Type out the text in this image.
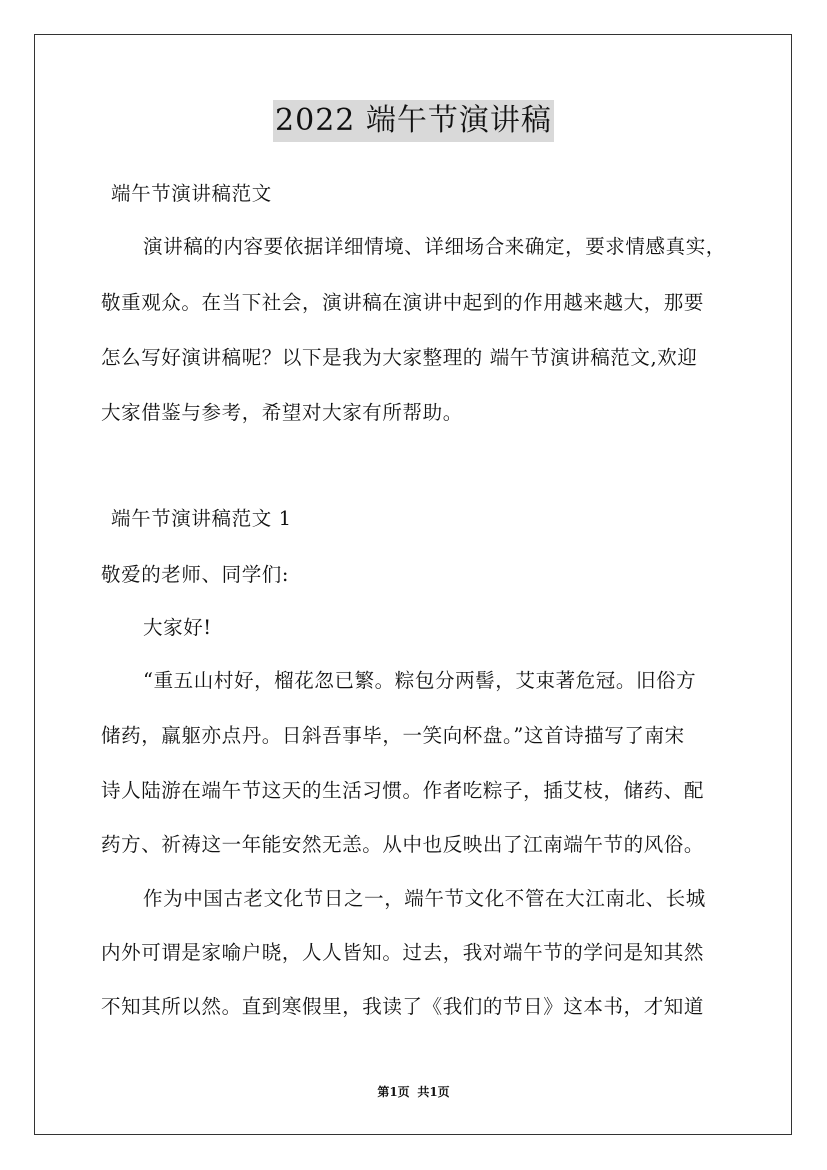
2022 端午节演讲稿
端午节演讲稿范文
演讲稿的内容要依据详细情境、详细场合来确定，要求情感真实，
敬重观众。在当下社会，演讲稿在演讲中起到的作用越来越大，那要
怎么写好演讲稿呢？以下是我为大家整理的 端午节演讲稿范文,欢迎
大家借鉴与参考，希望对大家有所帮助。
端午节演讲稿范文 1
敬爱的老师、同学们:
大家好!
“重五山村好，榴花忽已繁。粽包分两髻，艾束著危冠。旧俗方
储药，羸躯亦点丹。日斜吾事毕，一笑向杯盘。”这首诗描写了南宋
诗人陆游在端午节这天的生活习惯。作者吃粽子，插艾枝，储药、配
药方、祈祷这一年能安然无恙。从中也反映出了江南端午节的风俗。
作为中国古老文化节日之一，端午节文化不管在大江南北、长城
内外可谓是家喻户晓，人人皆知。过去，我对端午节的学问是知其然
不知其所以然。直到寒假里，我读了《我们的节日》这本书，才知道
第1页 共1页
